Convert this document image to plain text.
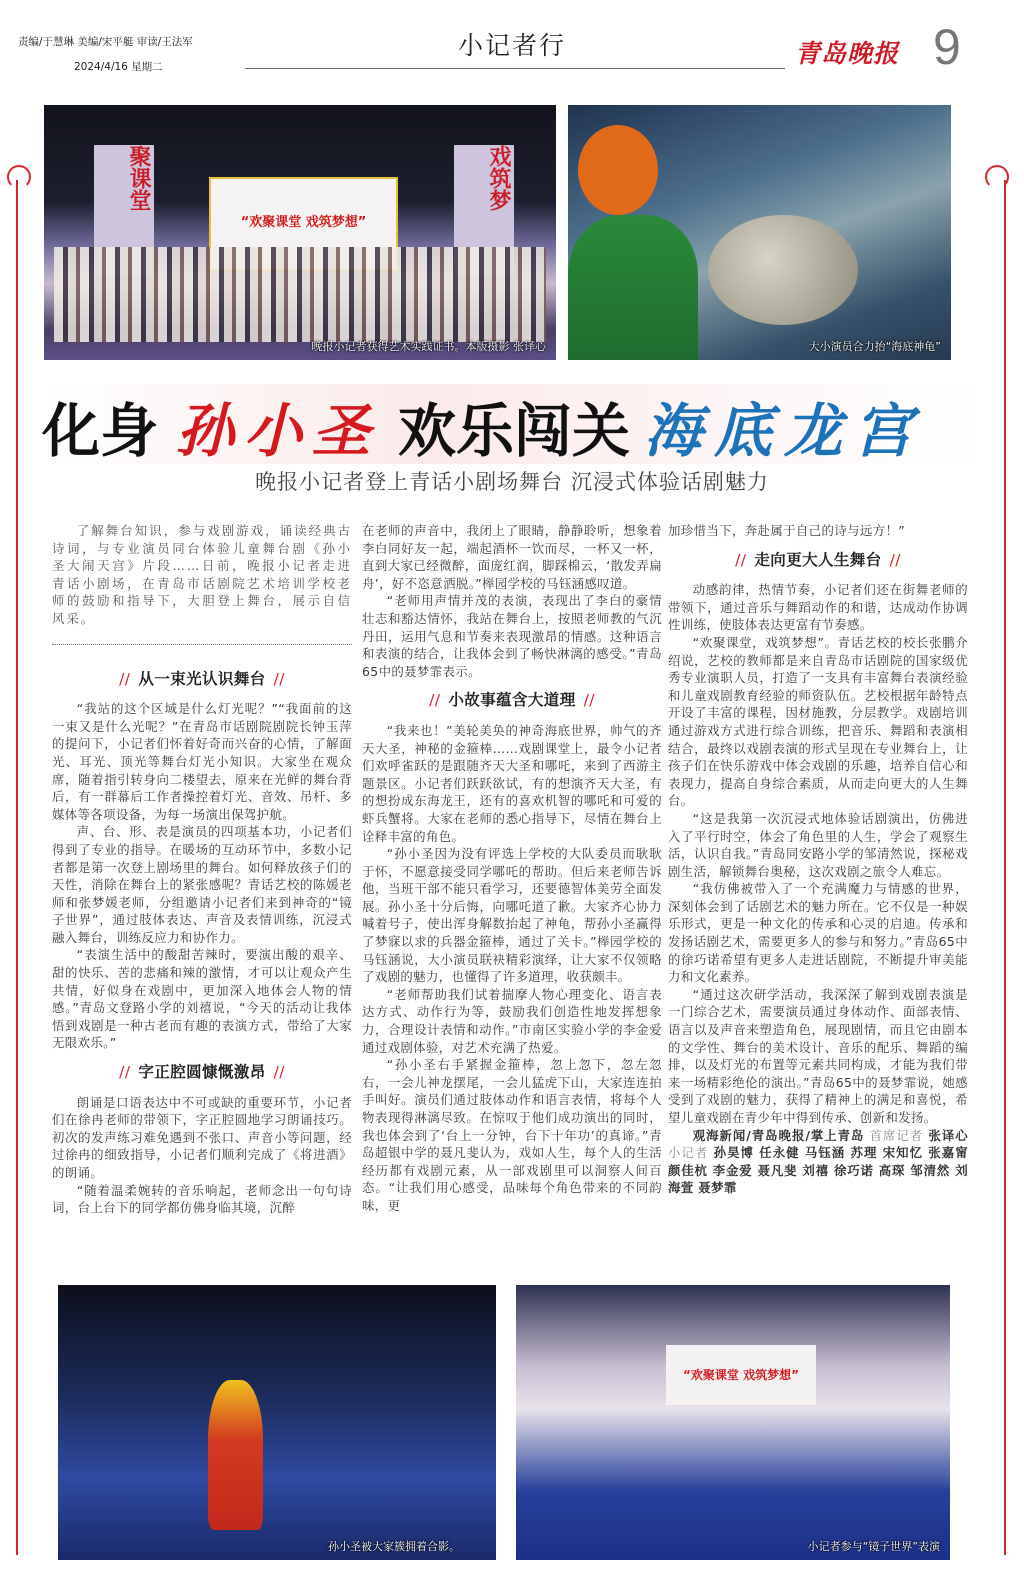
责编/于慧琳 美编/宋平艇 审读/王法军
2024/4/16 星期二
小记者行	青岛晚报 9
聚课堂	戏筑梦
“欢聚课堂 戏筑梦想”
晚报小记者获得艺术实践证书。本版摄影 张译心	大小演员合力抬“海底神龟”
化身 孙小圣 欢乐闯关 海底龙宫
晚报小记者登上青话小剧场舞台 沉浸式体验话剧魅力

了解舞台知识，参与戏剧游戏，诵读经典古诗词，与专业演员同台体验儿童舞台剧《孙小圣大闹天宫》片段……日前，晚报小记者走进青话小剧场，在青岛市话剧院艺术培训学校老师的鼓励和指导下，大胆登上舞台，展示自信风采。

// 从一束光认识舞台 //

“我站的这个区域是什么灯光呢？”“我面前的这一束又是什么光呢？”在青岛市话剧院剧院长钟玉萍的提问下，小记者们怀着好奇而兴奋的心情，了解面光、耳光、顶光等舞台灯光小知识。大家坐在观众席，随着指引转身向二楼望去，原来在光鲜的舞台背后，有一群幕后工作者操控着灯光、音效、吊杆、多媒体等各项设备，为每一场演出保驾护航。

声、台、形、表是演员的四项基本功，小记者们得到了专业的指导。在暖场的互动环节中，多数小记者都是第一次登上剧场里的舞台。如何释放孩子们的天性，消除在舞台上的紧张感呢？青话艺校的陈媛老师和张梦媛老师，分组邀请小记者们来到神奇的“镜子世界”，通过肢体表达、声音及表情训练，沉浸式融入舞台，训练反应力和协作力。

“表演生活中的酸甜苦辣时，要演出酸的艰辛、甜的快乐、苦的悲痛和辣的激情，才可以让观众产生共情，好似身在戏剧中，更加深入地体会人物的情感。”青岛文登路小学的刘禧说，“今天的活动让我体悟到戏剧是一种古老而有趣的表演方式，带给了大家无限欢乐。”

// 字正腔圆慷慨激昂 //

朗诵是口语表达中不可或缺的重要环节，小记者们在徐冉老师的带领下，字正腔圆地学习朗诵技巧。初次的发声练习难免遇到不张口、声音小等问题，经过徐冉的细致指导，小记者们顺利完成了《将进酒》的朗诵。

“随着温柔婉转的音乐响起，老师念出一句句诗词，台上台下的同学都仿佛身临其境，沉醉

在老师的声音中，我闭上了眼睛，静静聆听，想象着李白同好友一起，端起酒杯一饮而尽，一杯又一杯，直到大家已经微醉，面庞红润，脚踩棉云，‘散发弄扁舟’，好不恣意洒脱。”榉园学校的马钰涵感叹道。

“老师用声情并茂的表演，表现出了李白的豪情壮志和豁达情怀，我站在舞台上，按照老师教的气沉丹田，运用气息和节奏来表现激昂的情感。这种语言和表演的结合，让我体会到了畅快淋漓的感受。”青岛65中的聂梦霏表示。

// 小故事蕴含大道理 //

“我来也！”美轮美奂的神奇海底世界，帅气的齐天大圣，神秘的金箍棒……戏剧课堂上，最令小记者们欢呼雀跃的是跟随齐天大圣和哪吒，来到了西游主题景区。小记者们跃跃欲试，有的想演齐天大圣，有的想扮成东海龙王，还有的喜欢机智的哪吒和可爱的虾兵蟹将。大家在老师的悉心指导下，尽情在舞台上诠释丰富的角色。

“孙小圣因为没有评选上学校的大队委员而耿耿于怀，不愿意接受同学哪吒的帮助。但后来老师告诉他，当班干部不能只看学习，还要德智体美劳全面发展。孙小圣十分后悔，向哪吒道了歉。大家齐心协力喊着号子，使出浑身解数抬起了神龟，帮孙小圣赢得了梦寐以求的兵器金箍棒，通过了关卡。”榉园学校的马钰涵说，大小演员联袂精彩演绎，让大家不仅领略了戏剧的魅力，也懂得了许多道理，收获颇丰。

“老师帮助我们试着揣摩人物心理变化、语言表达方式、动作行为等，鼓励我们创造性地发挥想象力，合理设计表情和动作。”市南区实验小学的李金爱通过戏剧体验，对艺术充满了热爱。

“孙小圣右手紧握金箍棒，忽上忽下，忽左忽右，一会儿神龙摆尾，一会儿猛虎下山，大家连连拍手叫好。演员们通过肢体动作和语言表情，将每个人物表现得淋漓尽致。在惊叹于他们成功演出的同时，我也体会到了‘台上一分钟，台下十年功’的真谛。”青岛超银中学的聂凡斐认为，戏如人生，每个人的生活经历都有戏剧元素，从一部戏剧里可以洞察人间百态。“让我们用心感受，品味每个角色带来的不同韵味，更

加珍惜当下，奔赴属于自己的诗与远方！”

// 走向更大人生舞台 //

动感韵律，热情节奏，小记者们还在街舞老师的带领下，通过音乐与舞蹈动作的和谐，达成动作协调性训练，使肢体表达更富有节奏感。

“欢聚课堂，戏筑梦想”。青话艺校的校长张鹏介绍说，艺校的教师都是来自青岛市话剧院的国家级优秀专业演职人员，打造了一支具有丰富舞台表演经验和儿童戏剧教育经验的师资队伍。艺校根据年龄特点开设了丰富的课程，因材施教，分层教学。戏剧培训通过游戏方式进行综合训练，把音乐、舞蹈和表演相结合，最终以戏剧表演的形式呈现在专业舞台上，让孩子们在快乐游戏中体会戏剧的乐趣，培养自信心和表现力，提高自身综合素质，从而走向更大的人生舞台。

“这是我第一次沉浸式地体验话剧演出，仿佛进入了平行时空，体会了角色里的人生，学会了观察生活，认识自我。”青岛同安路小学的邹清然说，探秘戏剧生活，解锁舞台奥秘，这次戏剧之旅令人难忘。

“我仿佛被带入了一个充满魔力与情感的世界，深刻体会到了话剧艺术的魅力所在。它不仅是一种娱乐形式，更是一种文化的传承和心灵的启迪。传承和发扬话剧艺术，需要更多人的参与和努力。”青岛65中的徐巧诺希望有更多人走进话剧院，不断提升审美能力和文化素养。

“通过这次研学活动，我深深了解到戏剧表演是一门综合艺术，需要演员通过身体动作、面部表情、语言以及声音来塑造角色，展现剧情，而且它由剧本的文学性、舞台的美术设计、音乐的配乐、舞蹈的编排，以及灯光的布置等元素共同构成，才能为我们带来一场精彩绝伦的演出。”青岛65中的聂梦霏说，她感受到了戏剧的魅力，获得了精神上的满足和喜悦，希望儿童戏剧在青少年中得到传承、创新和发扬。

观海新闻/青岛晚报/掌上青岛 首席记者 张译心 小记者 孙昊博 任永健 马钰涵 苏理 宋知忆 张嘉甯 颜佳杭 李金爱 聂凡斐 刘禧 徐巧诺 高琛 邹清然 刘海萱 聂梦霏

孙小圣被大家簇拥着合影。
“欢聚课堂 戏筑梦想”
小记者参与“镜子世界”表演
